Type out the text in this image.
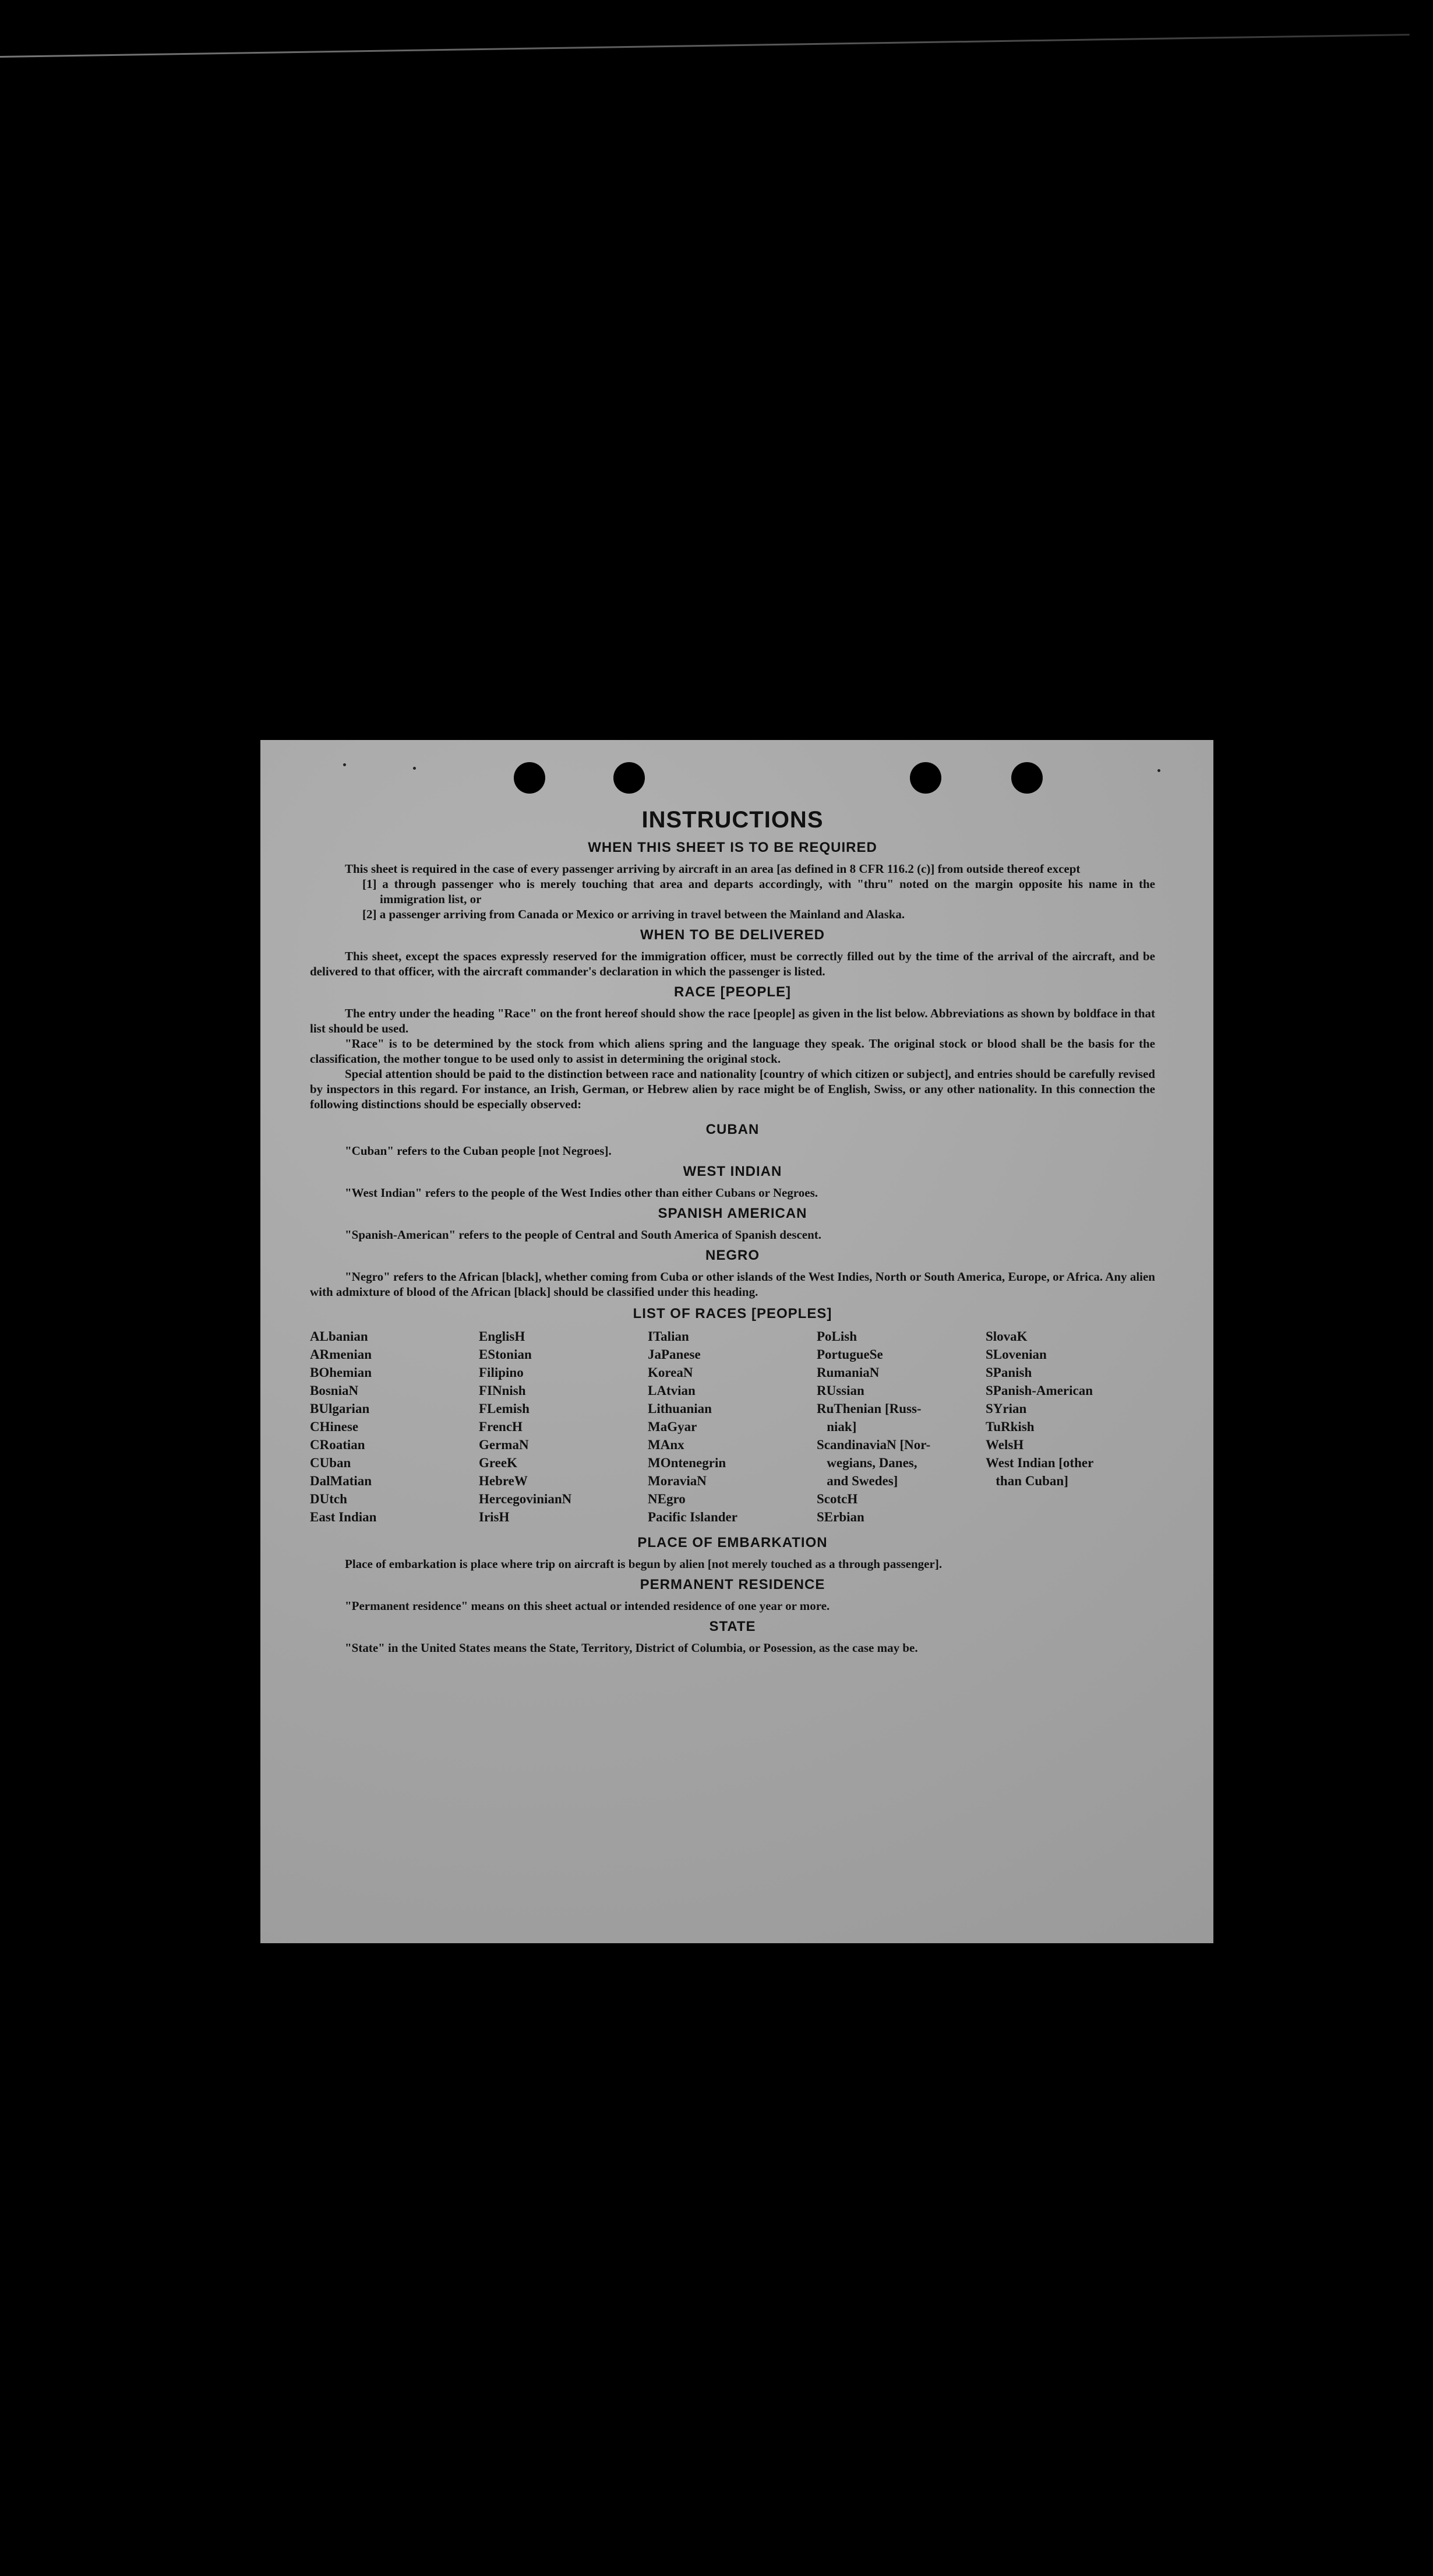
INSTRUCTIONS
WHEN THIS SHEET IS TO BE REQUIRED

This sheet is required in the case of every passenger arriving by aircraft in an area [as defined in 8 CFR 116.2 (c)] from outside thereof except

[1] a through passenger who is merely touching that area and departs accordingly, with "thru" noted on the margin opposite his name in the immigration list, or

[2] a passenger arriving from Canada or Mexico or arriving in travel between the Mainland and Alaska.

WHEN TO BE DELIVERED

This sheet, except the spaces expressly reserved for the immigration officer, must be correctly filled out by the time of the arrival of the aircraft, and be delivered to that officer, with the aircraft commander's declaration in which the passenger is listed.

RACE [PEOPLE]

The entry under the heading "Race" on the front hereof should show the race [people] as given in the list below. Abbreviations as shown by boldface in that list should be used.

"Race" is to be determined by the stock from which aliens spring and the language they speak. The original stock or blood shall be the basis for the classification, the mother tongue to be used only to assist in determining the original stock.

Special attention should be paid to the distinction between race and nationality [country of which citizen or subject], and entries should be carefully revised by inspectors in this regard. For instance, an Irish, German, or Hebrew alien by race might be of English, Swiss, or any other nationality. In this connection the following distinctions should be especially observed:

CUBAN

"Cuban" refers to the Cuban people [not Negroes].

WEST INDIAN

"West Indian" refers to the people of the West Indies other than either Cubans or Negroes.

SPANISH AMERICAN

"Spanish-American" refers to the people of Central and South America of Spanish descent.

NEGRO

"Negro" refers to the African [black], whether coming from Cuba or other islands of the West Indies, North or South America, Europe, or Africa. Any alien with admixture of blood of the African [black] should be classified under this heading.

LIST OF RACES [PEOPLES]
ALbanian
ARmenian
BOhemian
BosniaN
BUlgarian
CHinese
CRoatian
CUban
DalMatian
DUtch
East Indian
EnglisH
EStonian
Filipino
FINnish
FLemish
FrencH
GermaN
GreeK
HebreW
HercegovinianN
IrisH
ITalian
JaPanese
KoreaN
LAtvian
Lithuanian
MaGyar
MAnx
MOntenegrin
MoraviaN
NEgro
Pacific Islander
PoLish
PortugueSe
RumaniaN
RUssian
RuThenian [Russ-
niak]
ScandinaviaN [Nor-
wegians, Danes,
and Swedes]
ScotcH
SErbian
SlovaK
SLovenian
SPanish
SPanish-American
SYrian
TuRkish
WelsH
West Indian [other
than Cuban]
PLACE OF EMBARKATION

Place of embarkation is place where trip on aircraft is begun by alien [not merely touched as a through passenger].

PERMANENT RESIDENCE

"Permanent residence" means on this sheet actual or intended residence of one year or more.

STATE

"State" in the United States means the State, Territory, District of Columbia, or Posession, as the case may be.
